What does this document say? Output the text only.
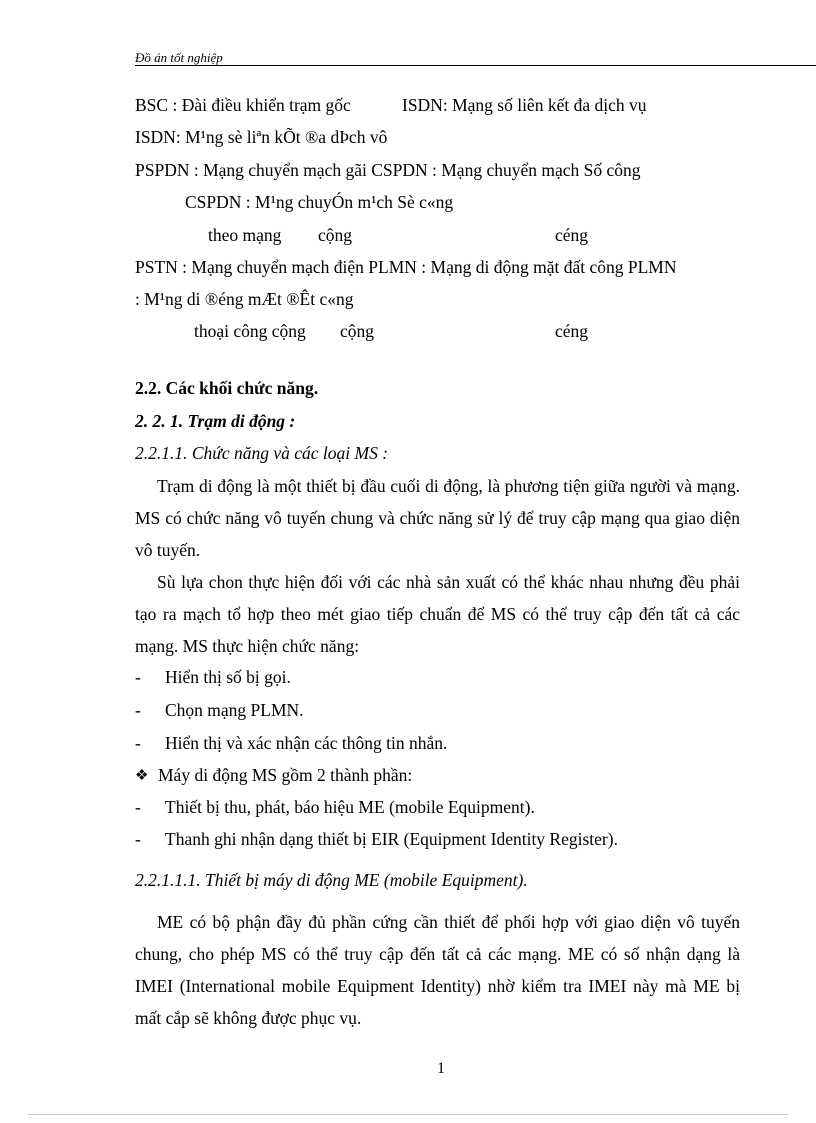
Đồ án tốt nghiệp
BSC : Đài điều khiển trạm gốc	ISDN: Mạng số liên kết đa dịch vụ
ISDN: M¹ng sè liªn kÕt ®a dÞch vô
PSPDN : Mạng chuyển mạch gãi CSPDN : Mạng chuyển mạch Số công
CSPDN : M¹ng chuyÓn m¹ch Sè c«ng
theo mạng cộng	céng
PSTN : Mạng chuyển mạch điện PLMN : Mạng di động mặt đất công PLMN
: M¹ng di ®éng mÆt ®Êt c«ng
thoại công cộng cộng	céng
2.2. Các khối chức năng.
2. 2. 1. Trạm di động :
2.2.1.1. Chức năng và các loại MS :
Trạm di động là một thiết bị đầu cuối di động, là phương tiện giữa người và mạng. MS có chức năng vô tuyến chung và chức năng sử lý để truy cập mạng qua giao diện vô tuyến.
Sù lựa chon thực hiện đối với các nhà sản xuất có thể khác nhau nhưng đều phải tạo ra mạch tổ hợp theo mét giao tiếp chuẩn để MS có thể truy cập đến tất cả các mạng. MS thực hiện chức năng:
- Hiển thị số bị gọi.
- Chọn mạng PLMN.
- Hiển thị và xác nhận các thông tin nhắn.
❖ Máy di động MS gồm 2 thành phần:
- Thiết bị thu, phát, báo hiệu ME (mobile Equipment).
- Thanh ghi nhận dạng thiết bị EIR (Equipment Identity Register).
2.2.1.1.1. Thiết bị máy di động ME (mobile Equipment).
ME có bộ phận đầy đủ phần cứng cần thiết để phối hợp với giao diện vô tuyến chung, cho phép MS có thể truy cập đến tất cả các mạng. ME có số nhận dạng là IMEI (International mobile Equipment Identity) nhờ kiểm tra IMEI này mà ME bị mất cắp sẽ không được phục vụ.
1
